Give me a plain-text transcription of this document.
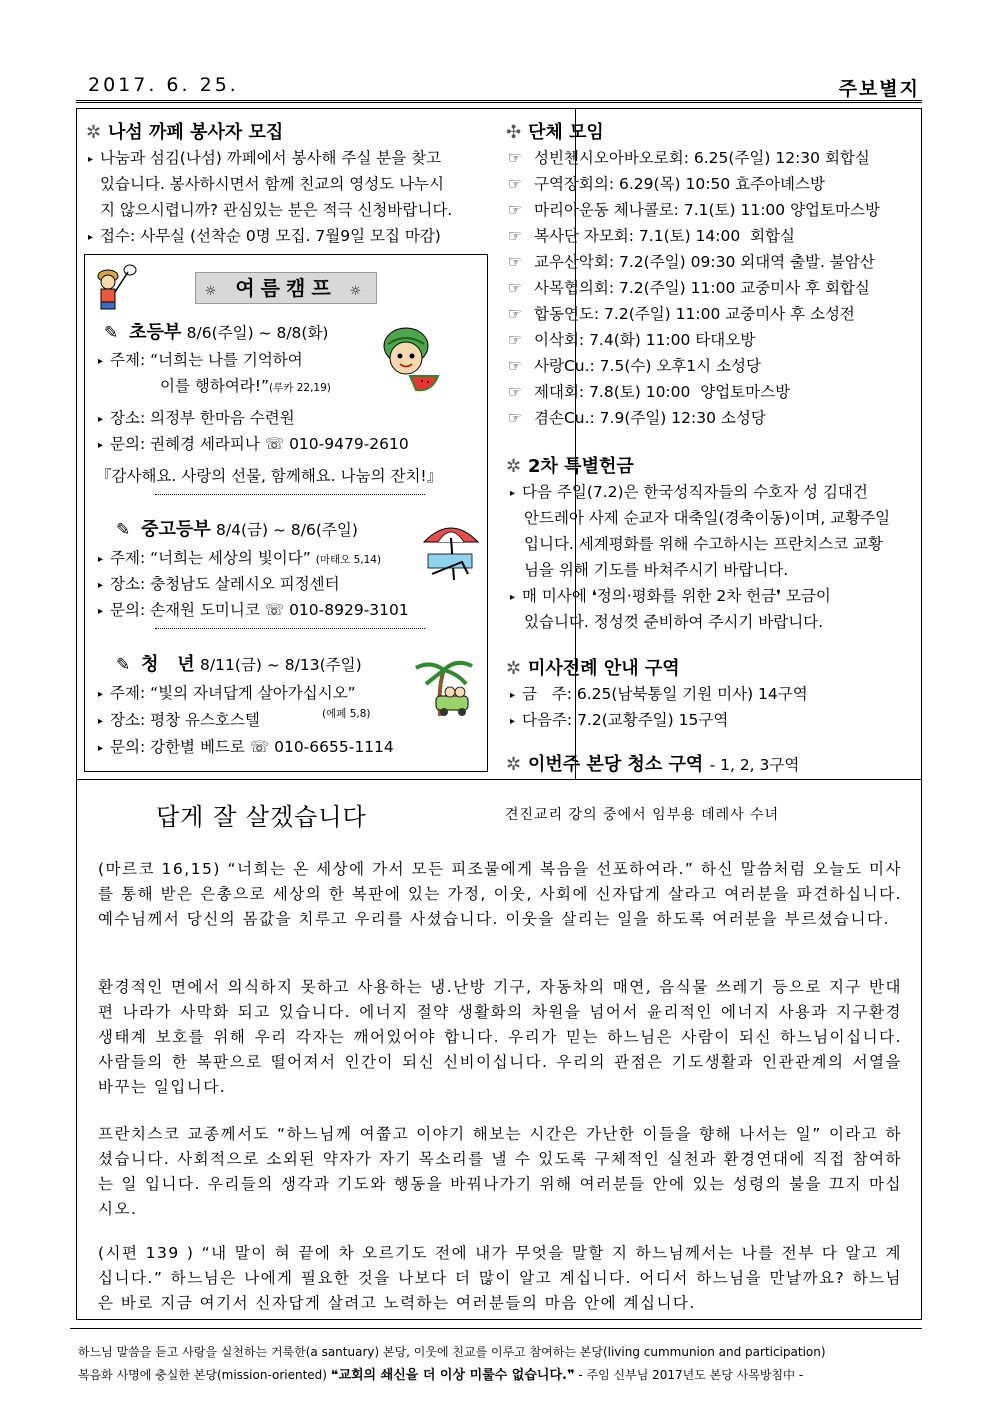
2017. 6. 25.	주보별지
✲ 나섬 까페 봉사자 모집
▸ 나눔과 섬김(나섬) 까페에서 봉사해 주실 분을 찾고
있습니다. 봉사하시면서 함께 친교의 영성도 나누시
지 않으시렵니까? 관심있는 분은 적극 신청바랍니다.
▸ 접수: 사무실 (선착순 0명 모집. 7월9일 모집 마감)
☼ 여름캠프 ☼
✎ 초등부 8/6(주일) ~ 8/8(화)
▸ 주제: “너희는 나를 기억하여
이를 행하여라!”(루카 22,19)
▸ 장소: 의정부 한마음 수련원
▸ 문의: 권혜경 세라피나 ☏ 010-9479-2610
『감사해요. 사랑의 선물, 함께해요. 나눔의 잔치!』
✎ 중고등부 8/4(금) ~ 8/6(주일)
▸ 주제: “너희는 세상의 빛이다” (마태오 5,14)
▸ 장소: 충청남도 살레시오 피정센터
▸ 문의: 손재원 도미니코 ☏ 010-8929-3101
✎ 청   년 8/11(금) ~ 8/13(주일)
▸ 주제: “빛의 자녀답게 살아가십시오”
(에페 5,8)
▸ 장소: 평창 유스호스텔
▸ 문의: 강한별 베드로 ☏ 010-6655-1114
✣ 단체 모임
☞ 성빈첸시오아바오로회: 6.25(주일) 12:30 회합실
☞ 구역장회의: 6.29(목) 10:50 효주아녜스방
☞ 마리아운동 체나콜로: 7.1(토) 11:00 양업토마스방
☞ 복사단 자모회: 7.1(토) 14:00  회합실
☞ 교우산악회: 7.2(주일) 09:30 외대역 출발. 불암산
☞ 사목협의회: 7.2(주일) 11:00 교중미사 후 회합실
☞ 합동연도: 7.2(주일) 11:00 교중미사 후 소성전
☞ 이삭회: 7.4(화) 11:00 타대오방
☞ 사랑Cu.: 7.5(수) 오후1시 소성당
☞ 제대회: 7.8(토) 10:00  양업토마스방
☞ 겸손Cu.: 7.9(주일) 12:30 소성당
✲ 2차 특별헌금
▸ 다음 주일(7.2)은 한국성직자들의 수호자 성 김대건
안드레아 사제 순교자 대축일(경축이동)이며, 교황주일
입니다. 세계평화를 위해 수고하시는 프란치스코 교황
님을 위해 기도를 바쳐주시기 바랍니다.
▸ 매 미사에 ❛정의·평화를 위한 2차 헌금❜ 모금이
있습니다. 정성껏 준비하여 주시기 바랍니다.
✲ 미사전례 안내 구역
▸ 금   주: 6.25(남북통일 기원 미사) 14구역
▸ 다음주: 7.2(교황주일) 15구역
✲ 이번주 본당 청소 구역 - 1, 2, 3구역
답게 잘 살겠습니다	견진교리 강의 중에서 임부용 데레사 수녀
(마르코 16,15) “너희는 온 세상에 가서 모든 피조물에게 복음을 선포하여라.” 하신 말씀처럼 오늘도 미사를 통해 받은 은총으로 세상의 한 복판에 있는 가정, 이웃, 사회에 신자답게 살라고 여러분을 파견하십니다. 예수님께서 당신의 몸값을 치루고 우리를 사셨습니다. 이웃을 살리는 일을 하도록 여러분을 부르셨습니다.
환경적인 면에서 의식하지 못하고 사용하는 냉.난방 기구, 자동차의 매연, 음식물 쓰레기 등으로 지구 반대편 나라가 사막화 되고 있습니다. 에너지 절약 생활화의 차원을 넘어서 윤리적인 에너지 사용과 지구환경 생태계 보호를 위해 우리 각자는 깨어있어야 합니다. 우리가 믿는 하느님은 사람이 되신 하느님이십니다. 사람들의 한 복판으로 떨어져서 인간이 되신 신비이십니다. 우리의 관점은 기도생활과 인관관계의 서열을 바꾸는 일입니다.
프란치스코 교종께서도 “하느님께 여쭙고 이야기 해보는 시간은 가난한 이들을 향해 나서는 일” 이라고 하셨습니다. 사회적으로 소외된 약자가 자기 목소리를 낼 수 있도록 구체적인 실천과 환경연대에 직접 참여하는 일 입니다. 우리들의 생각과 기도와 행동을 바꿔나가기 위해 여러분들 안에 있는 성령의 불을 끄지 마십시오.
(시편 139 ) “내 말이 혀 끝에 차 오르기도 전에 내가 무엇을 말할 지 하느님께서는 나를 전부 다 알고 계십니다.” 하느님은 나에게 필요한 것을 나보다 더 많이 알고 계십니다. 어디서 하느님을 만날까요? 하느님은 바로 지금 여기서 신자답게 살려고 노력하는 여러분들의 마음 안에 계십니다.
하느님 말씀을 듣고 사랑을 실천하는 거룩한(a santuary) 본당, 이웃에 친교를 이루고 참여하는 본당(living cummunion and participation)
복음화 사명에 충실한 본당(mission-oriented) ❝교회의 쇄신을 더 이상 미룰수 없습니다.❞ - 주임 신부님 2017년도 본당 사목방침中 -
